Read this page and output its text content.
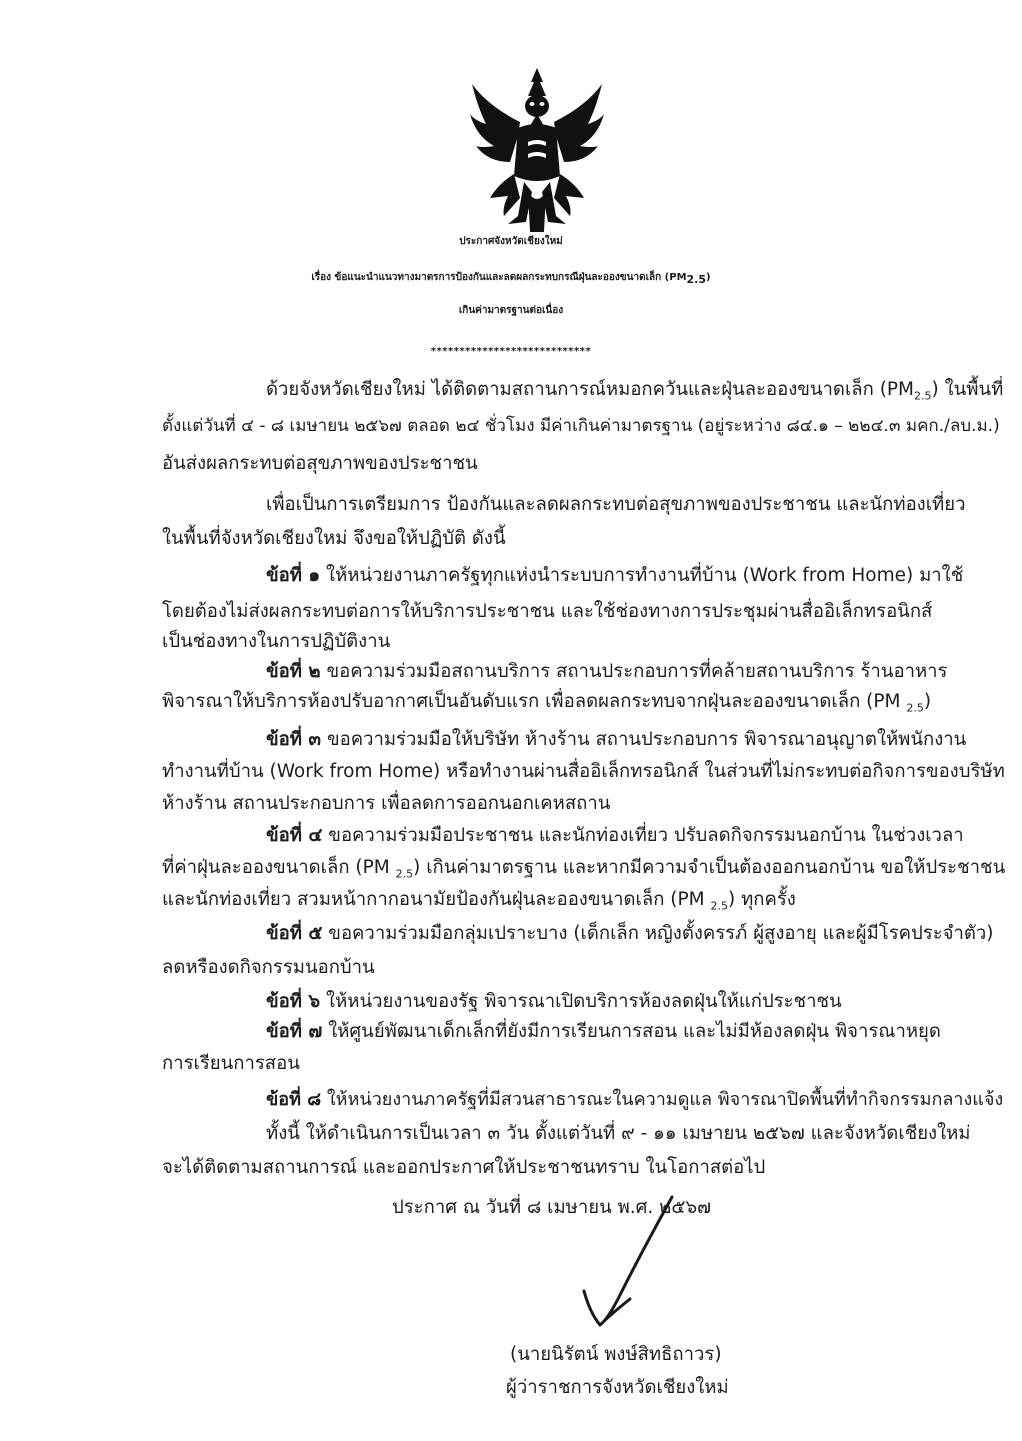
ประกาศจังหวัดเชียงใหม่
เรื่อง ข้อแนะนำแนวทางมาตรการป้องกันและลดผลกระทบกรณีฝุ่นละอองขนาดเล็ก $(PM_{2.5})$
เกินค่ามาตรฐานต่อเนื่อง
****************************
ด้วยจังหวัดเชียงใหม่ ได้ติดตามสถานการณ์หมอกควันและฝุ่นละอองขนาดเล็ก $(PM_{2.5})$ ในพื้นที่
ตั้งแต่วันที่ ๔ - ๘ เมษายน ๒๕๖๗ ตลอด ๒๔ ชั่วโมง มีค่าเกินค่ามาตรฐาน (อยู่ระหว่าง ๘๔.๑ – ๒๒๔.๓ มคก./ลบ.ม.)
อันส่งผลกระทบต่อสุขภาพของประชาชน
เพื่อเป็นการเตรียมการ ป้องกันและลดผลกระทบต่อสุขภาพของประชาชน และนักท่องเที่ยว
ในพื้นที่จังหวัดเชียงใหม่ จึงขอให้ปฏิบัติ ดังนี้
ข้อที่ ๑ ให้หน่วยงานภาครัฐทุกแห่งนำระบบการทำงานที่บ้าน (Work from Home) มาใช้
โดยต้องไม่ส่งผลกระทบต่อการให้บริการประชาชน และใช้ช่องทางการประชุมผ่านสื่ออิเล็กทรอนิกส์
เป็นช่องทางในการปฏิบัติงาน
ข้อที่ ๒ ขอความร่วมมือสถานบริการ สถานประกอบการที่คล้ายสถานบริการ ร้านอาหาร
พิจารณาให้บริการห้องปรับอากาศเป็นอันดับแรก เพื่อลดผลกระทบจากฝุ่นละอองขนาดเล็ก (PM $_{2.5}$)
ข้อที่ ๓ ขอความร่วมมือให้บริษัท ห้างร้าน สถานประกอบการ พิจารณาอนุญาตให้พนักงาน
ทำงานที่บ้าน (Work from Home) หรือทำงานผ่านสื่ออิเล็กทรอนิกส์ ในส่วนที่ไม่กระทบต่อกิจการของบริษัท
ห้างร้าน สถานประกอบการ เพื่อลดการออกนอกเคหสถาน
ข้อที่ ๔ ขอความร่วมมือประชาชน และนักท่องเที่ยว ปรับลดกิจกรรมนอกบ้าน ในช่วงเวลา
ที่ค่าฝุ่นละอองขนาดเล็ก (PM $_{2.5}$) เกินค่ามาตรฐาน และหากมีความจำเป็นต้องออกนอกบ้าน ขอให้ประชาชน
และนักท่องเที่ยว สวมหน้ากากอนามัยป้องกันฝุ่นละอองขนาดเล็ก (PM $_{2.5}$) ทุกครั้ง
ข้อที่ ๕ ขอความร่วมมือกลุ่มเปราะบาง (เด็กเล็ก หญิงตั้งครรภ์ ผู้สูงอายุ และผู้มีโรคประจำตัว)
ลดหรืองดกิจกรรมนอกบ้าน
ข้อที่ ๖ ให้หน่วยงานของรัฐ พิจารณาเปิดบริการห้องลดฝุ่นให้แก่ประชาชน
ข้อที่ ๗ ให้ศูนย์พัฒนาเด็กเล็กที่ยังมีการเรียนการสอน และไม่มีห้องลดฝุ่น พิจารณาหยุด
การเรียนการสอน
ข้อที่ ๘ ให้หน่วยงานภาครัฐที่มีสวนสาธารณะในความดูแล พิจารณาปิดพื้นที่ทำกิจกรรมกลางแจ้ง
ทั้งนี้ ให้ดำเนินการเป็นเวลา ๓ วัน ตั้งแต่วันที่ ๙ - ๑๑ เมษายน ๒๕๖๗ และจังหวัดเชียงใหม่
จะได้ติดตามสถานการณ์ และออกประกาศให้ประชาชนทราบ ในโอกาสต่อไป
ประกาศ ณ วันที่ ๘ เมษายน พ.ศ. ๒๕๖๗
(นายนิรัตน์ พงษ์สิทธิถาวร)
ผู้ว่าราชการจังหวัดเชียงใหม่
